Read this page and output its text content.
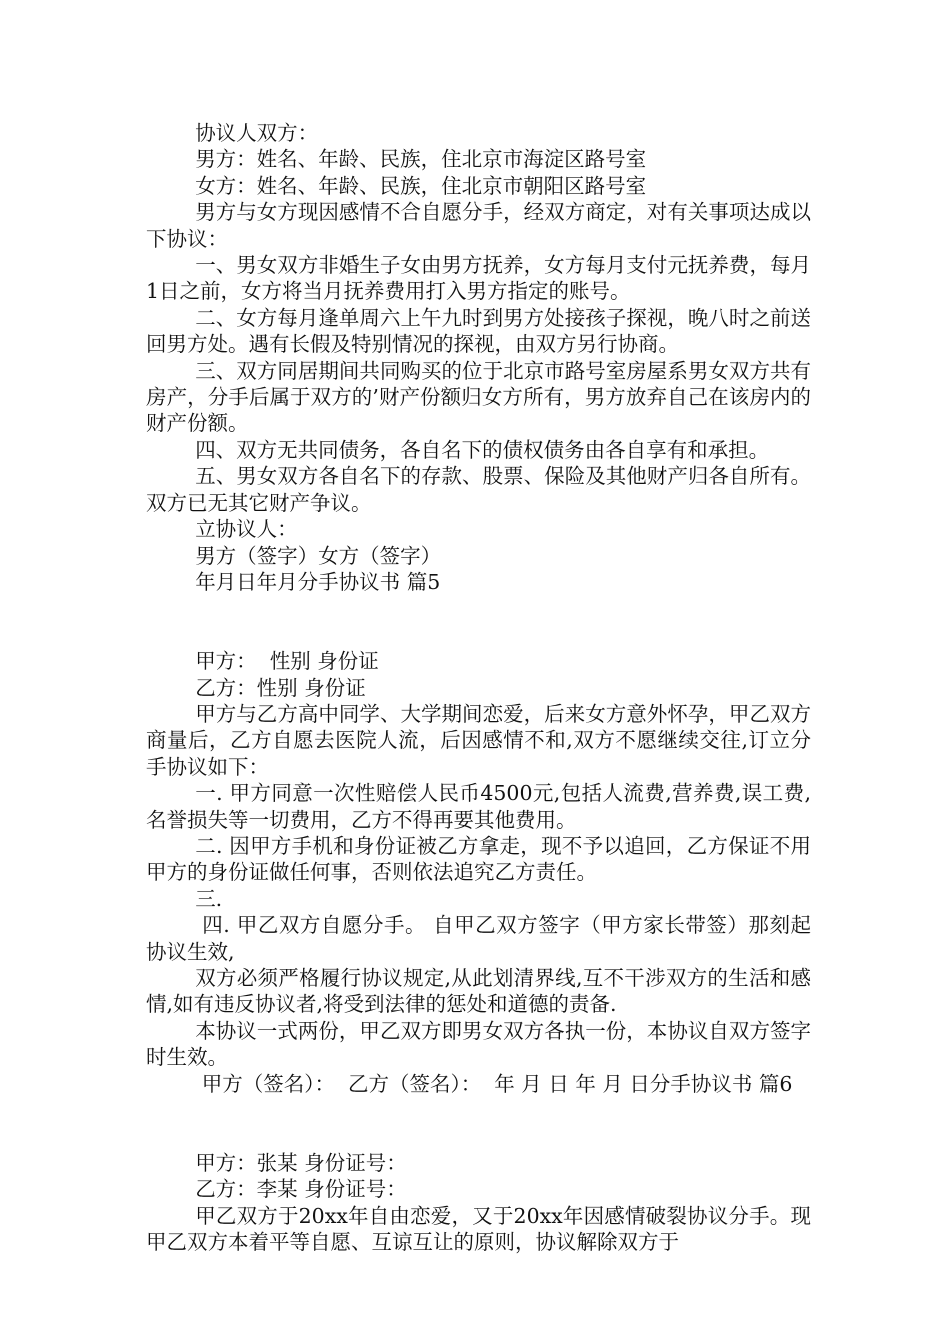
协议人双方：

男方：姓名、年龄、民族，住北京市海淀区路号室

女方：姓名、年龄、民族，住北京市朝阳区路号室

男方与女方现因感情不合自愿分手，经双方商定，对有关事项达成以下协议：

一、男女双方非婚生子女由男方抚养，女方每月支付元抚养费，每月1日之前，女方将当月抚养费用打入男方指定的账号。

二、女方每月逢单周六上午九时到男方处接孩子探视，晚八时之前送回男方处。遇有长假及特别情况的探视，由双方另行协商。

三、双方同居期间共同购买的位于北京市路号室房屋系男女双方共有房产，分手后属于双方的’财产份额归女方所有，男方放弃自己在该房内的财产份额。

四、双方无共同债务，各自名下的债权债务由各自享有和承担。

五、男女双方各自名下的存款、股票、保险及其他财产归各自所有。双方已无其它财产争议。

立协议人：

男方（签字）女方（签字）

年月日年月分手协议书 篇5

甲方：  性别 身份证

乙方：性别 身份证

甲方与乙方高中同学、大学期间恋爱，后来女方意外怀孕，甲乙双方商量后，乙方自愿去医院人流，后因感情不和,双方不愿继续交往,订立分手协议如下：

一. 甲方同意一次性赔偿人民币4500元,包括人流费,营养费,误工费,名誉损失等一切费用，乙方不得再要其他费用。

二. 因甲方手机和身份证被乙方拿走，现不予以追回，乙方保证不用甲方的身份证做任何事，否则依法追究乙方责任。

三.

四. 甲乙双方自愿分手。 自甲乙双方签字（甲方家长带签）那刻起协议生效,

双方必须严格履行协议规定,从此划清界线,互不干涉双方的生活和感情,如有违反协议者,将受到法律的惩处和道德的责备.

本协议一式两份，甲乙双方即男女双方各执一份，本协议自双方签字时生效。

甲方（签名）：  乙方（签名）：  年 月 日 年 月 日分手协议书 篇6

甲方：张某 身份证号：

乙方：李某 身份证号：

甲乙双方于20xx年自由恋爱，又于20xx年因感情破裂协议分手。现甲乙双方本着平等自愿、互谅互让的原则，协议解除双方于
